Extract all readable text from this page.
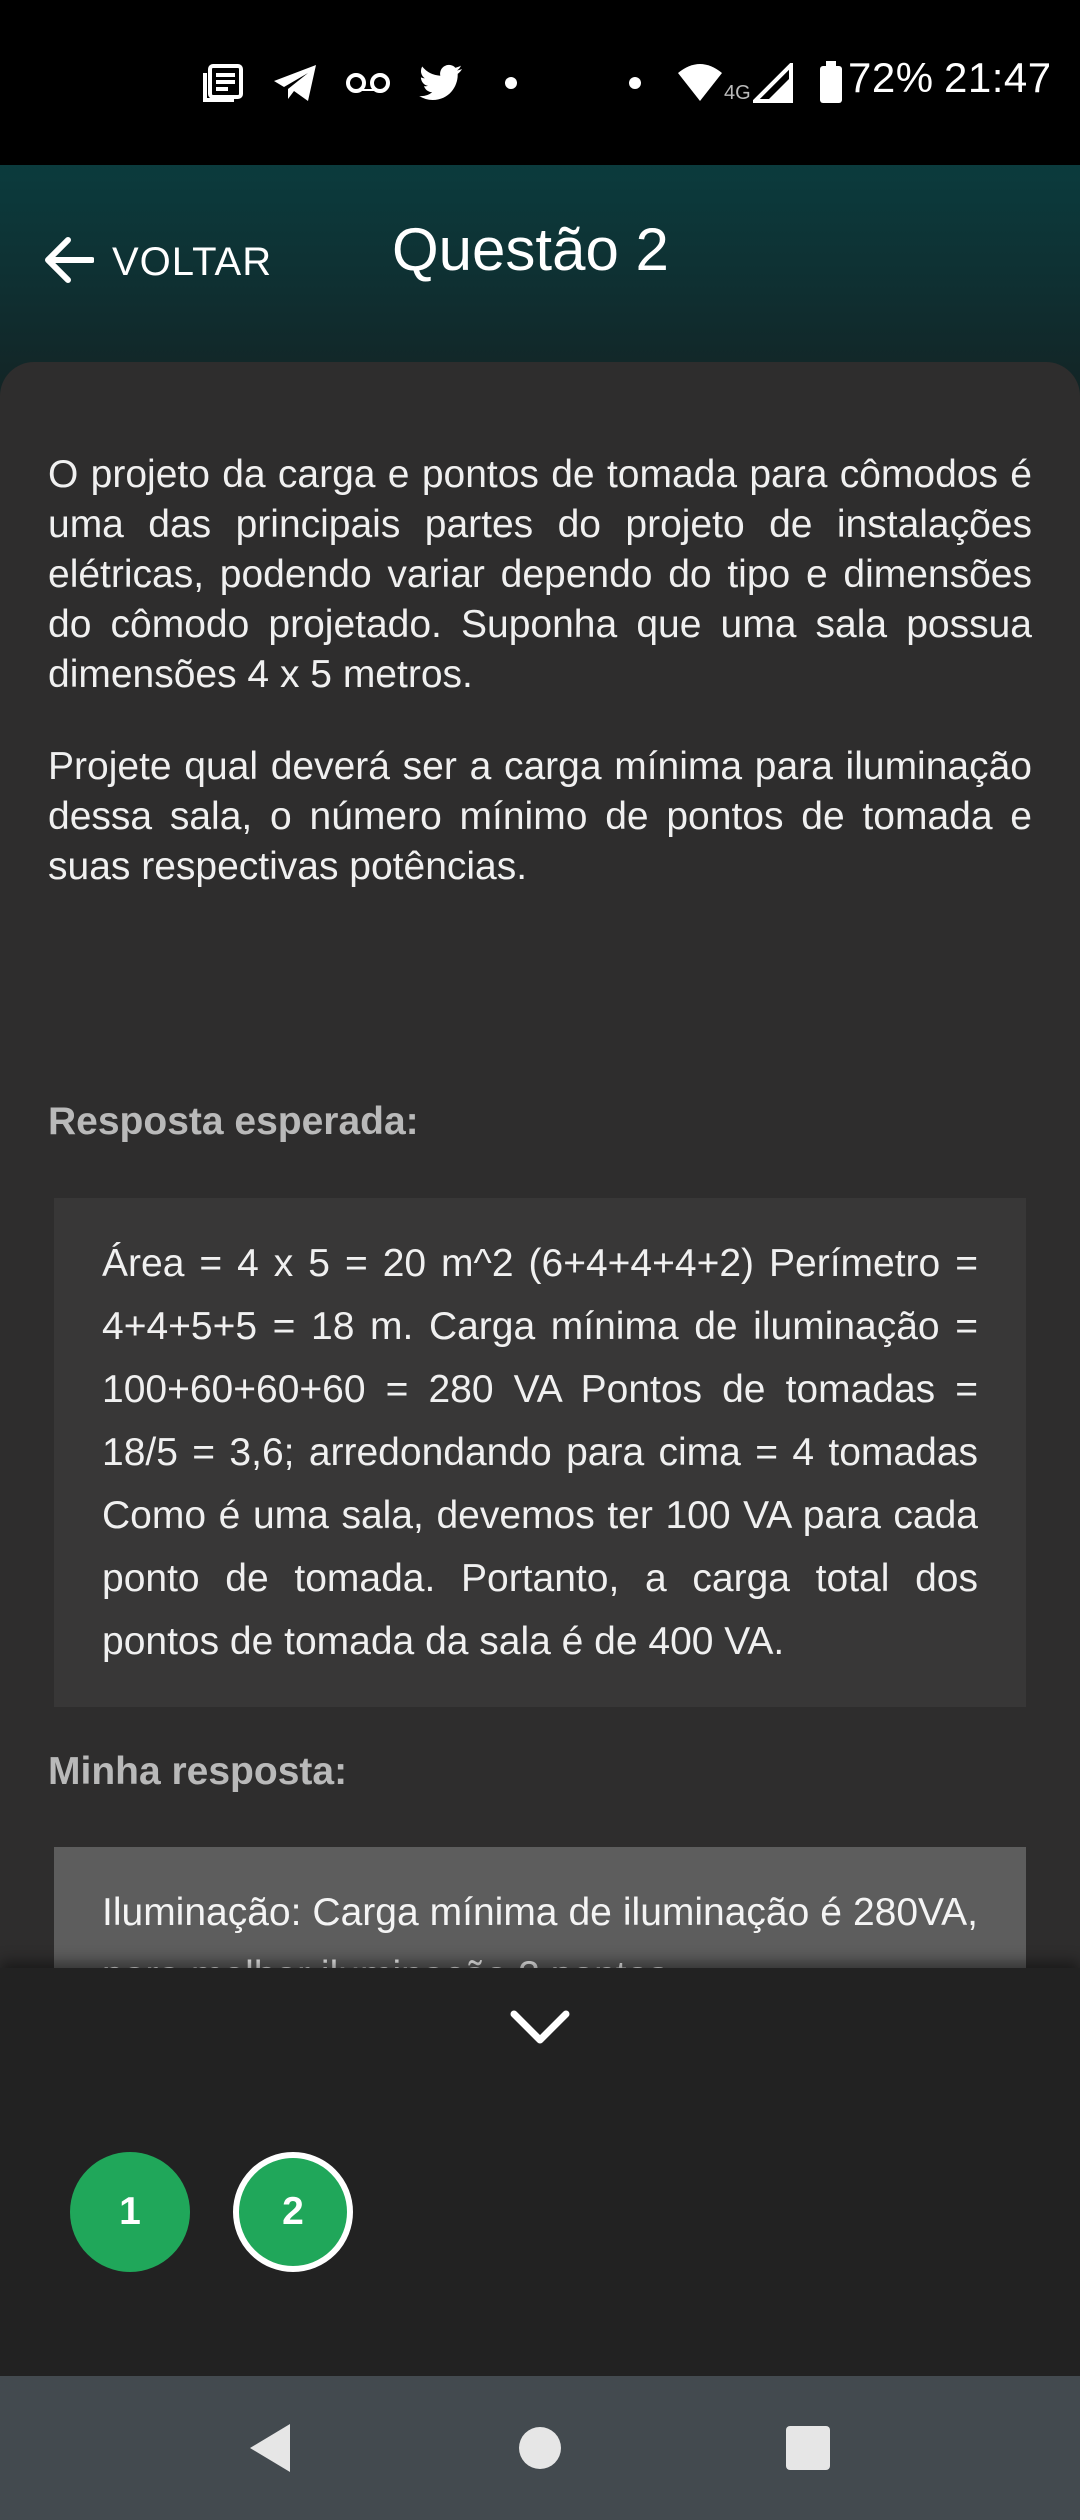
4G 72% 21:47
VOLTAR Questão 2

O projeto da carga e pontos de tomada para cômodos é uma das principais partes do projeto de instalações elétricas, podendo variar dependo do tipo e dimensões do cômodo projetado. Suponha que uma sala possua dimensões 4 x 5 metros.

Projete qual deverá ser a carga mínima para iluminação dessa sala, o número mínimo de pontos de tomada e suas respectivas potências.

Resposta esperada:

Área = 4 x 5 = 20 m^2 (6+4+4+4+2) Perímetro = 4+4+5+5 = 18 m. Carga mínima de iluminação = 100+60+60+60 = 280 VA Pontos de tomadas = 18/5 = 3,6; arredondando para cima = 4 tomadas Como é uma sala, devemos ter 100 VA para cada ponto de tomada. Portanto, a carga total dos pontos de tomada da sala é de 400 VA.

Minha resposta:

Iluminação: Carga mínima de iluminação é 280VA,

1	2
